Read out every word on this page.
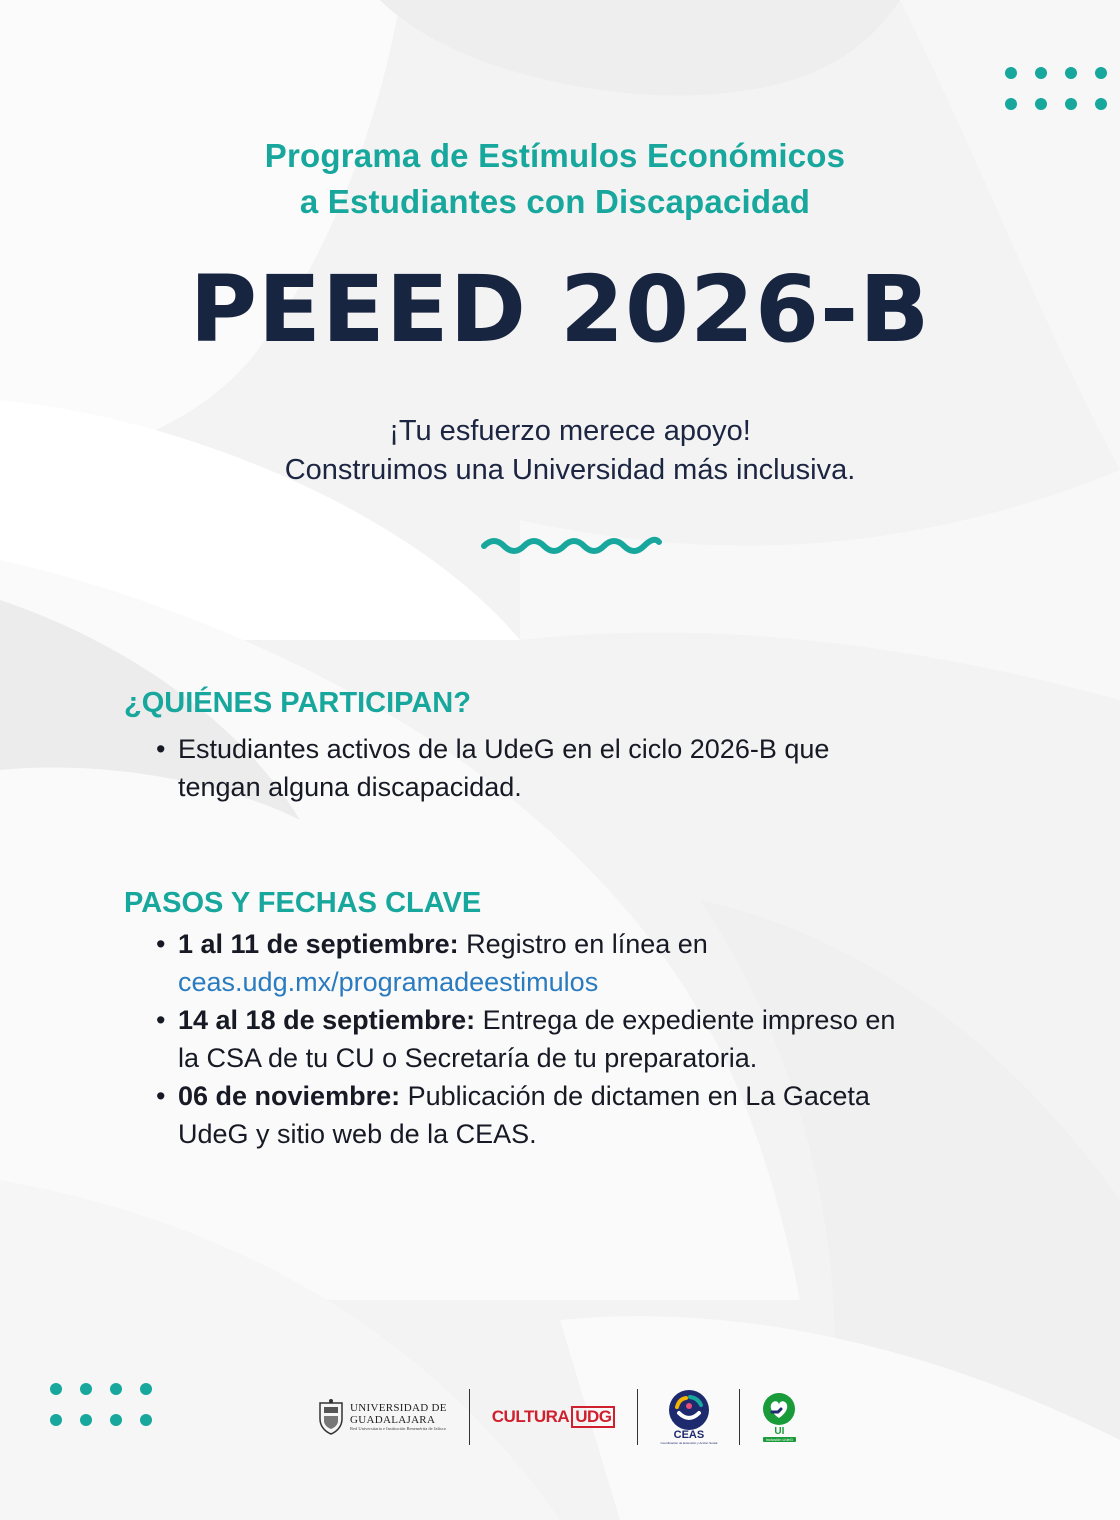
Programa de Estímulos Económicos
a Estudiantes con Discapacidad
PEEED 2026-B
¡Tu esfuerzo merece apoyo!
Construimos una Universidad más inclusiva.
¿QUIÉNES PARTICIPAN?
• Estudiantes activos de la UdeG en el ciclo 2026-B que
tengan alguna discapacidad.
PASOS Y FECHAS CLAVE
• 1 al 11 de septiembre: Registro en línea en
ceas.udg.mx/programadeestimulos
• 14 al 18 de septiembre: Entrega de expediente impreso en
la CSA de tu CU o Secretaría de tu preparatoria.
• 06 de noviembre: Publicación de dictamen en La Gaceta
UdeG y sitio web de la CEAS.
UNIVERSIDAD DE
GUADALAJARA
Red Universitaria e Institución Benemérita de Jalisco
CULTURA UDG
CEAS
Coordinación de Extensión y Acción Social
UI
Inclusión UdeG
